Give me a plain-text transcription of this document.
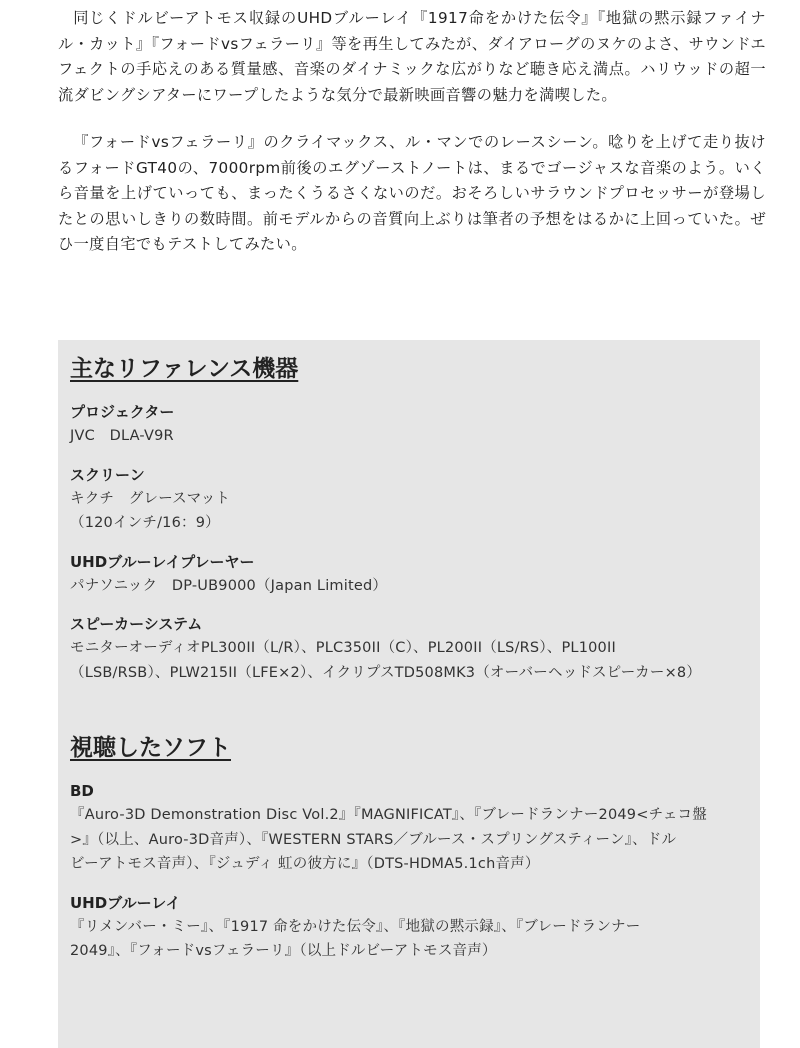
同じくドルビーアトモス収録のUHDブルーレイ『1917命をかけた伝令』『地獄の黙示録ファイナル・カット』『フォードvsフェラーリ』等を再生してみたが、ダイアローグのヌケのよさ、サウンドエフェクトの手応えのある質量感、音楽のダイナミックな広がりなど聴き応え満点。ハリウッドの超一流ダビングシアターにワープしたような気分で最新映画音響の魅力を満喫した。

『フォードvsフェラーリ』のクライマックス、ル・マンでのレースシーン。唸りを上げて走り抜けるフォードGT40の、7000rpm前後のエグゾーストノートは、まるでゴージャスな音楽のよう。いくら音量を上げていっても、まったくうるさくないのだ。おそろしいサラウンドプロセッサーが登場したとの思いしきりの数時間。前モデルからの音質向上ぶりは筆者の予想をはるかに上回っていた。ぜひ一度自宅でもテストしてみたい。

主なリファレンス機器
プロジェクター
JVC　DLA-V9R
スクリーン
キクチ　グレースマット
（120インチ/16：9）
UHDブルーレイプレーヤー
パナソニック　DP-UB9000（Japan Limited）
スピーカーシステム
モニターオーディオPL300II（L/R）、PLC350II（C）、PL200II（LS/RS）、PL100II
（LSB/RSB）、PLW215II（LFE×2）、イクリプスTD508MK3（オーバーヘッドスピーカー×8）
視聴したソフト
BD
『Auro-3D Demonstration Disc Vol.2』『MAGNIFICAT』、『ブレードランナー2049<チェコ盤
>』（以上、Auro-3D音声）、『WESTERN STARS／ブルース・スプリングスティーン』、ドル
ビーアトモス音声）、『ジュディ 虹の彼方に』（DTS-HDMA5.1ch音声）
UHDブルーレイ
『リメンバー・ミー』、『1917 命をかけた伝令』、『地獄の黙示録』、『ブレードランナー
2049』、『フォードvsフェラーリ』（以上ドルビーアトモス音声）
